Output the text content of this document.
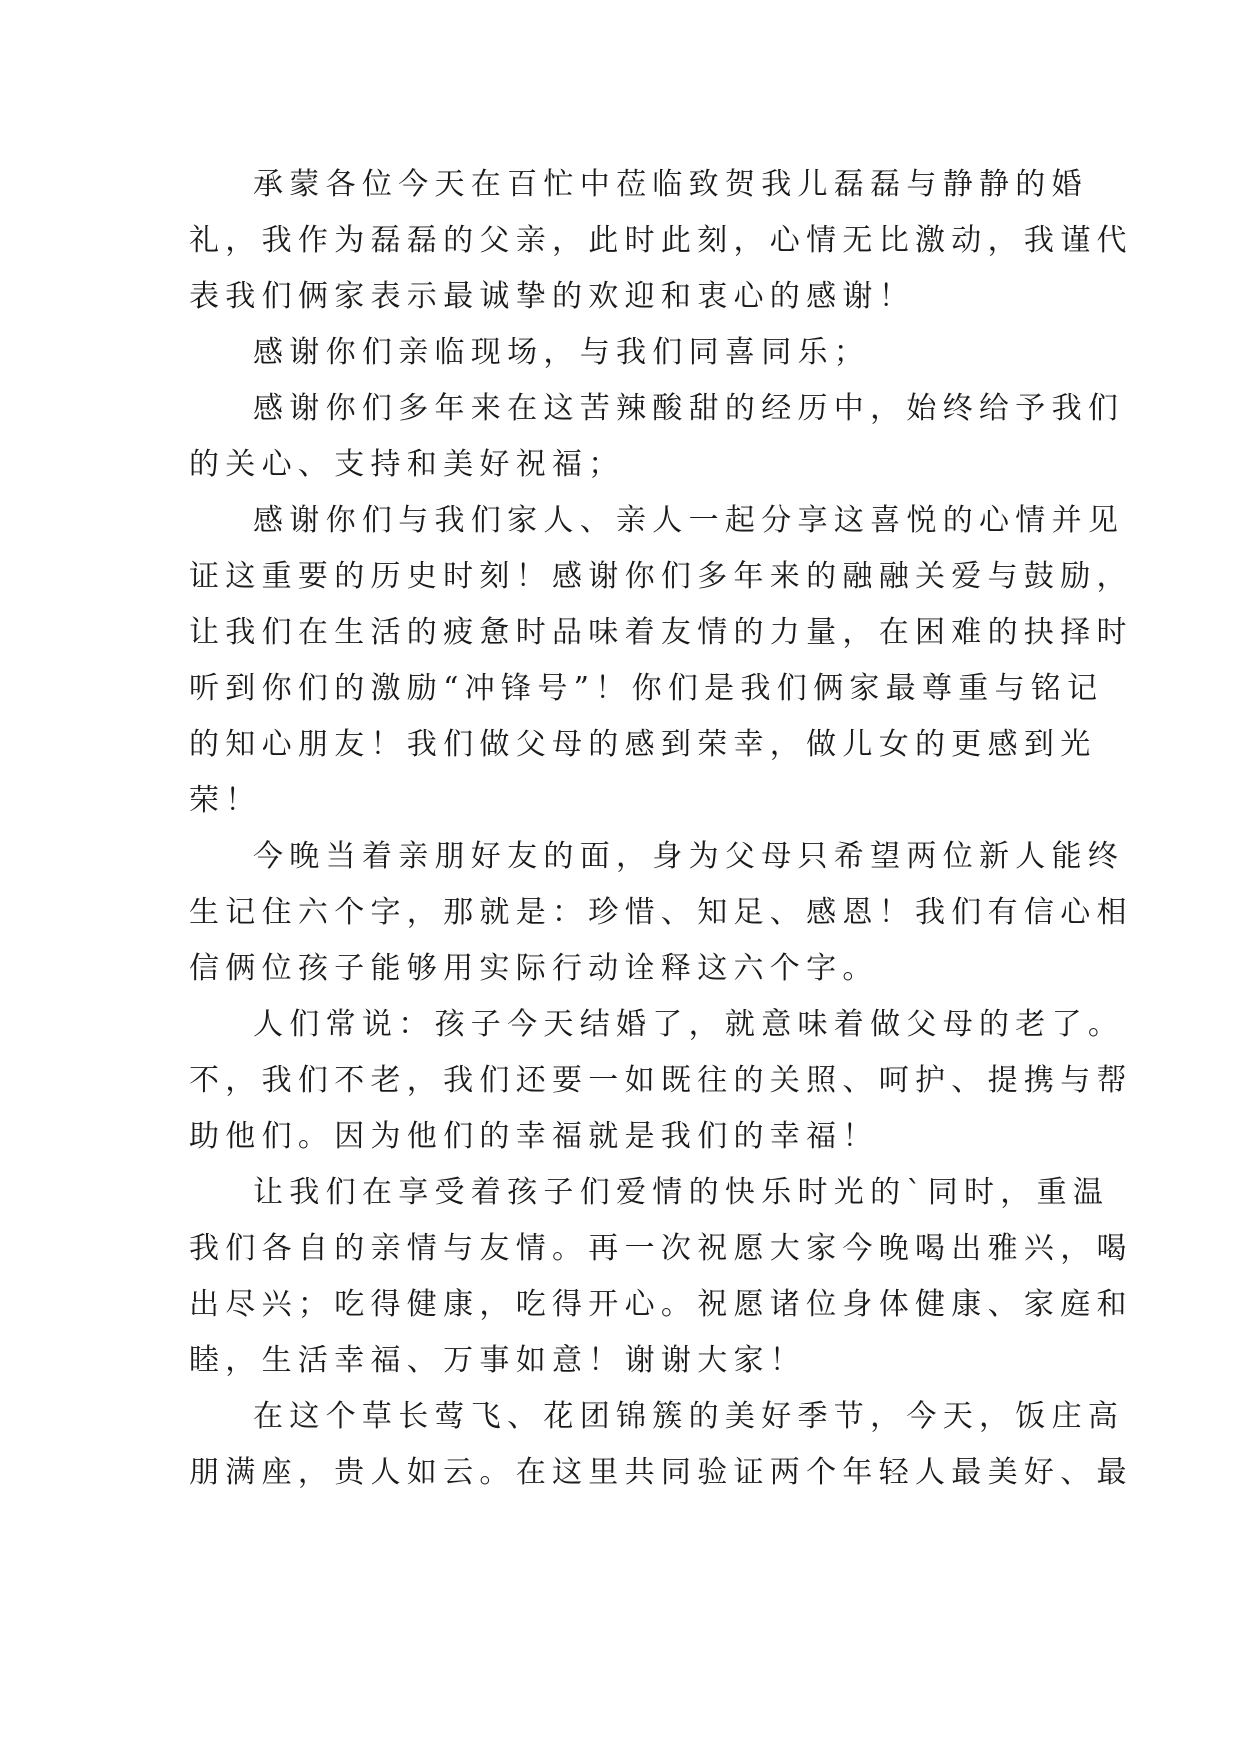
承蒙各位今天在百忙中莅临致贺我儿磊磊与静静的婚
礼，我作为磊磊的父亲，此时此刻，心情无比激动，我谨代
表我们俩家表示最诚挚的欢迎和衷心的感谢！
感谢你们亲临现场，与我们同喜同乐；
感谢你们多年来在这苦辣酸甜的经历中，始终给予我们
的关心、支持和美好祝福；
感谢你们与我们家人、亲人一起分享这喜悦的心情并见
证这重要的历史时刻！感谢你们多年来的融融关爱与鼓励，
让我们在生活的疲惫时品味着友情的力量，在困难的抉择时
听到你们的激励“冲锋号”！你们是我们俩家最尊重与铭记
的知心朋友！我们做父母的感到荣幸，做儿女的更感到光
荣！
今晚当着亲朋好友的面，身为父母只希望两位新人能终
生记住六个字，那就是：珍惜、知足、感恩！我们有信心相
信俩位孩子能够用实际行动诠释这六个字。
人们常说：孩子今天结婚了，就意味着做父母的老了。
不，我们不老，我们还要一如既往的关照、呵护、提携与帮
助他们。因为他们的幸福就是我们的幸福！
让我们在享受着孩子们爱情的快乐时光的`同时，重温
我们各自的亲情与友情。再一次祝愿大家今晚喝出雅兴，喝
出尽兴；吃得健康，吃得开心。祝愿诸位身体健康、家庭和
睦，生活幸福、万事如意！谢谢大家！
在这个草长莺飞、花团锦簇的美好季节，今天，饭庄高
朋满座，贵人如云。在这里共同验证两个年轻人最美好、最
